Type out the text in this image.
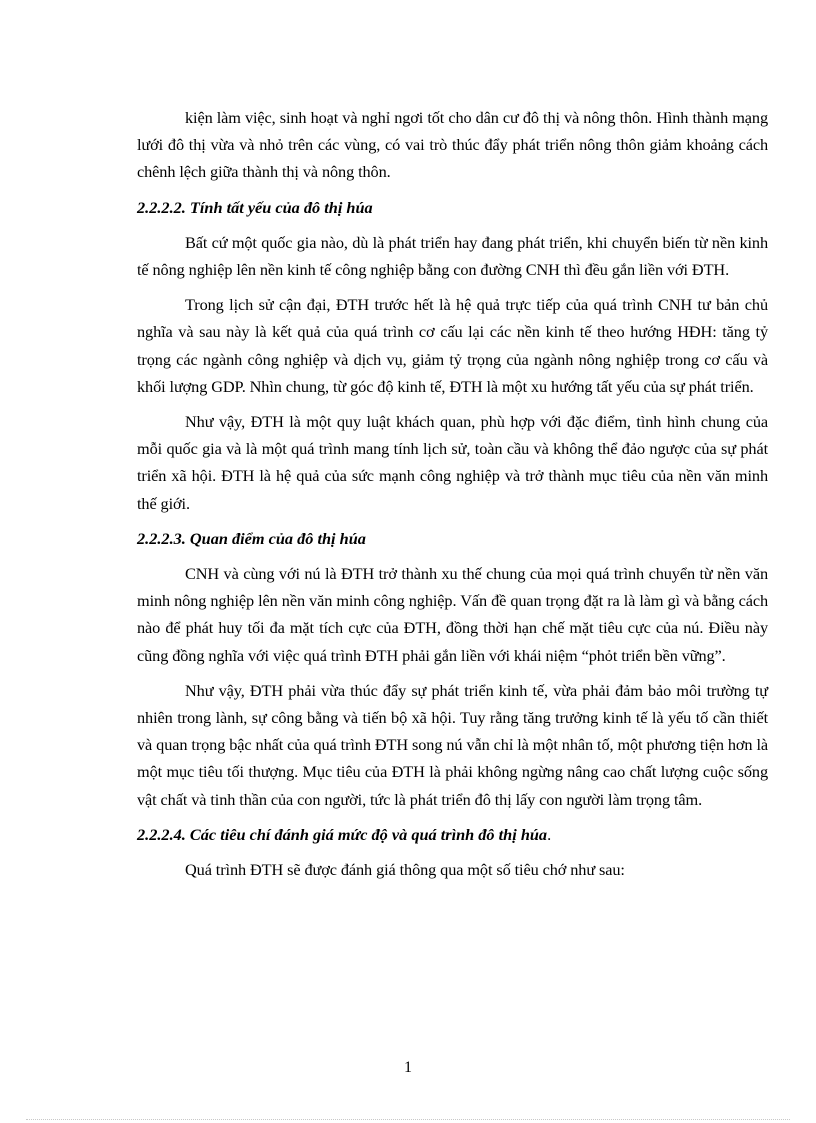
kiện làm việc, sinh hoạt và nghỉ ngơi tốt cho dân cư đô thị và nông thôn. Hình thành mạng lưới đô thị vừa và nhỏ trên các vùng, có vai trò thúc đẩy phát triển nông thôn giảm khoảng cách chênh lệch giữa thành thị và nông thôn.

2.2.2.2. Tính tất yếu của đô thị húa

Bất cứ một quốc gia nào, dù là phát triển hay đang phát triển, khi chuyển biến từ nền kinh tế nông nghiệp lên nền kinh tế công nghiệp bằng con đường CNH thì đều gắn liền với ĐTH.

Trong lịch sử cận đại, ĐTH trước hết là hệ quả trực tiếp của quá trình CNH tư bản chủ nghĩa và sau này là kết quả của quá trình cơ cấu lại các nền kinh tế theo hướng HĐH: tăng tỷ trọng các ngành công nghiệp và dịch vụ, giảm tỷ trọng của ngành nông nghiệp trong cơ cấu và khối lượng GDP. Nhìn chung, từ góc độ kinh tế, ĐTH là một xu hướng tất yếu của sự phát triển.

Như vậy, ĐTH là một quy luật khách quan, phù hợp với đặc điểm, tình hình chung của mỗi quốc gia và là một quá trình mang tính lịch sử, toàn cầu và không thể đảo ngược của sự phát triển xã hội. ĐTH là hệ quả của sức mạnh công nghiệp và trở thành mục tiêu của nền văn minh thế giới.

2.2.2.3. Quan điểm của đô thị húa

CNH và cùng với nú là ĐTH trở thành xu thế chung của mọi quá trình chuyển từ nền văn minh nông nghiệp lên nền văn minh công nghiệp. Vấn đề quan trọng đặt ra là làm gì và bằng cách nào để phát huy tối đa mặt tích cực của ĐTH, đồng thời hạn chế mặt tiêu cực của nú. Điều này cũng đồng nghĩa với việc quá trình ĐTH phải gắn liền với khái niệm “phỏt triển bền vững”.

Như vậy, ĐTH phải vừa thúc đẩy sự phát triển kinh tế, vừa phải đảm bảo môi trường tự nhiên trong lành, sự công bằng và tiến bộ xã hội. Tuy rằng tăng trưởng kinh tế là yếu tố cần thiết và quan trọng bậc nhất của quá trình ĐTH song nú vẫn chỉ là một nhân tố, một phương tiện hơn là một mục tiêu tối thượng. Mục tiêu của ĐTH là phải không ngừng nâng cao chất lượng cuộc sống vật chất và tinh thần của con người, tức là phát triển đô thị lấy con người làm trọng tâm.

2.2.2.4. Các tiêu chí đánh giá mức độ và quá trình đô thị húa.

Quá trình ĐTH sẽ được đánh giá thông qua một số tiêu chớ như sau:

1
